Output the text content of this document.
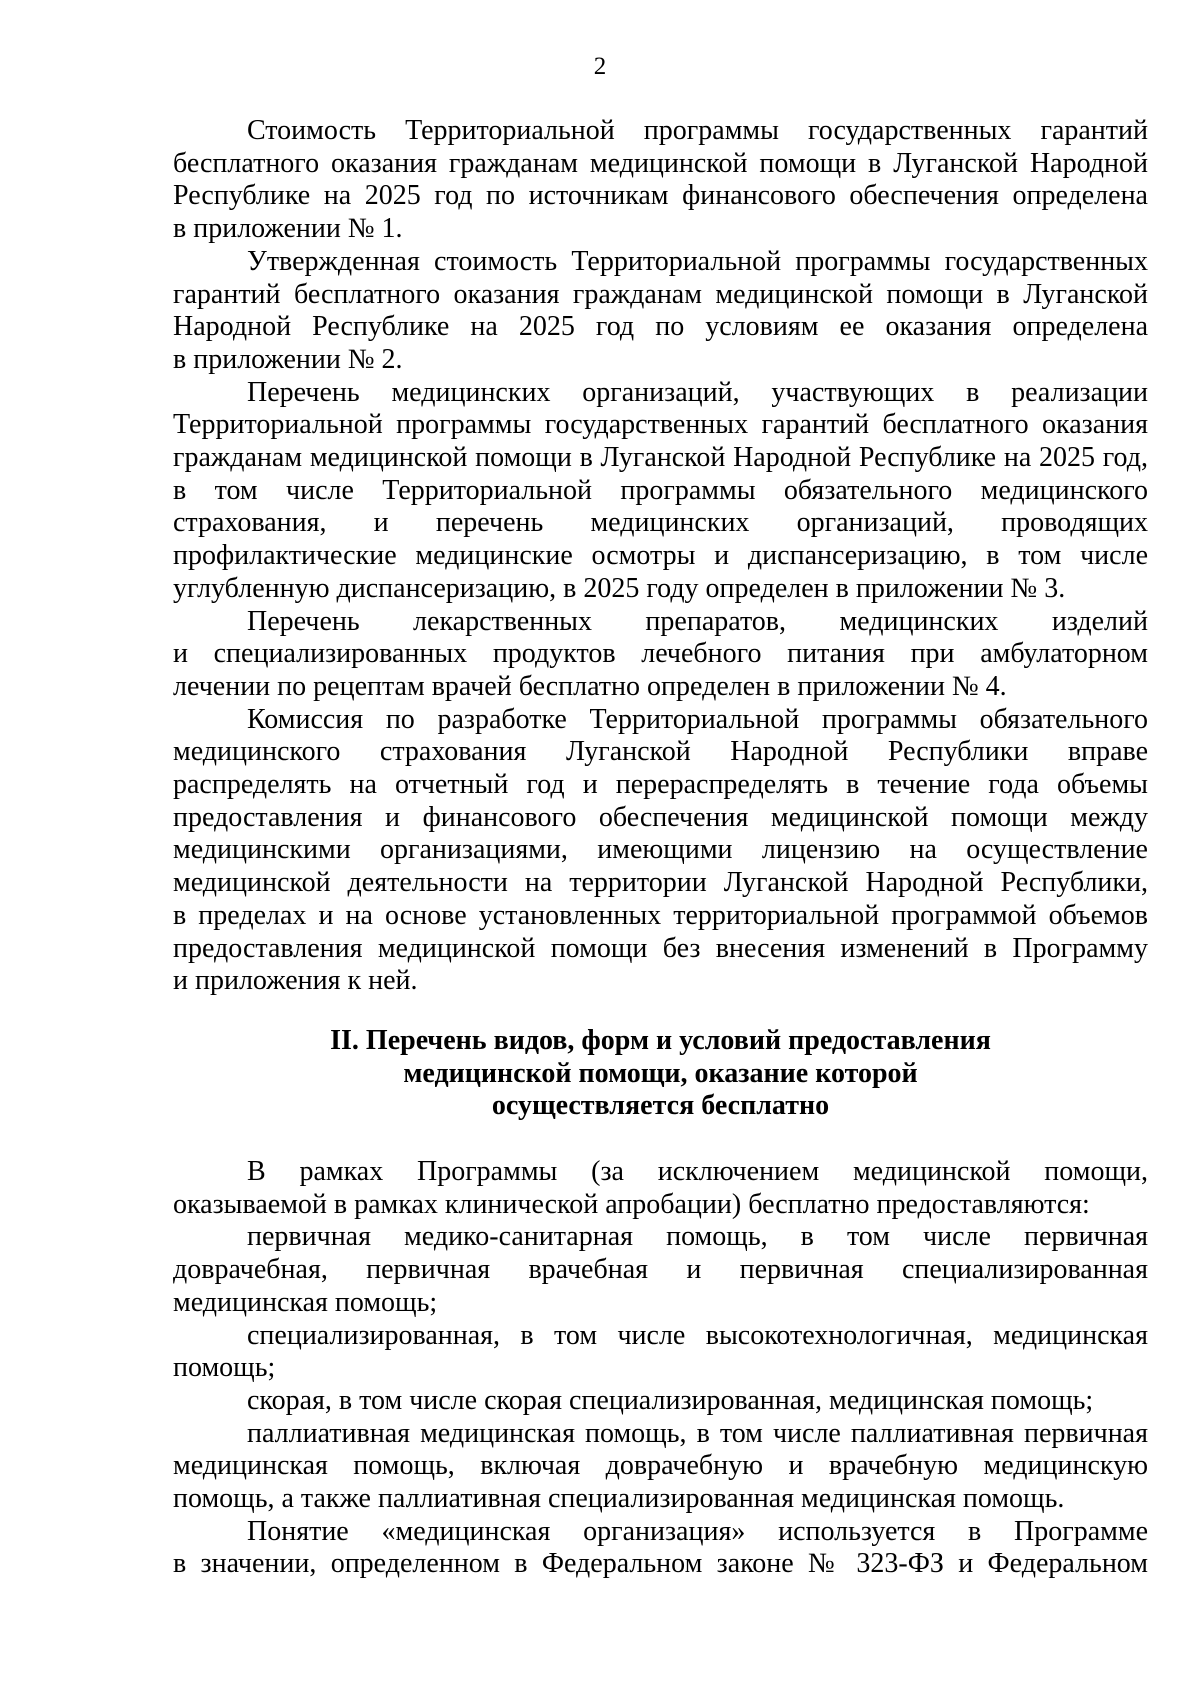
2
Стоимость Территориальной программы государственных гарантий
бесплатного оказания гражданам медицинской помощи в Луганской Народной
Республике на 2025 год по источникам финансового обеспечения определена
в приложении № 1.
Утвержденная стоимость Территориальной программы государственных
гарантий бесплатного оказания гражданам медицинской помощи в Луганской
Народной Республике на 2025 год по условиям ее оказания определена
в приложении № 2.
Перечень медицинских организаций, участвующих в реализации
Территориальной программы государственных гарантий бесплатного оказания
гражданам медицинской помощи в Луганской Народной Республике на 2025 год,
в том числе Территориальной программы обязательного медицинского
страхования, и перечень медицинских организаций, проводящих
профилактические медицинские осмотры и диспансеризацию, в том числе
углубленную диспансеризацию, в 2025 году определен в приложении № 3.
Перечень лекарственных препаратов, медицинских изделий
и специализированных продуктов лечебного питания при амбулаторном
лечении по рецептам врачей бесплатно определен в приложении № 4.
Комиссия по разработке Территориальной программы обязательного
медицинского страхования Луганской Народной Республики вправе
распределять на отчетный год и перераспределять в течение года объемы
предоставления и финансового обеспечения медицинской помощи между
медицинскими организациями, имеющими лицензию на осуществление
медицинской деятельности на территории Луганской Народной Республики,
в пределах и на основе установленных территориальной программой объемов
предоставления медицинской помощи без внесения изменений в Программу
и приложения к ней.
II. Перечень видов, форм и условий предоставления
медицинской помощи, оказание которой
осуществляется бесплатно
В рамках Программы (за исключением медицинской помощи,
оказываемой в рамках клинической апробации) бесплатно предоставляются:
первичная медико-санитарная помощь, в том числе первичная
доврачебная, первичная врачебная и первичная специализированная
медицинская помощь;
специализированная, в том числе высокотехнологичная, медицинская
помощь;
скорая, в том числе скорая специализированная, медицинская помощь;
паллиативная медицинская помощь, в том числе паллиативная первичная
медицинская помощь, включая доврачебную и врачебную медицинскую
помощь, а также паллиативная специализированная медицинская помощь.
Понятие «медицинская организация» используется в Программе
в значении, определенном в Федеральном законе № 323-ФЗ и Федеральном
